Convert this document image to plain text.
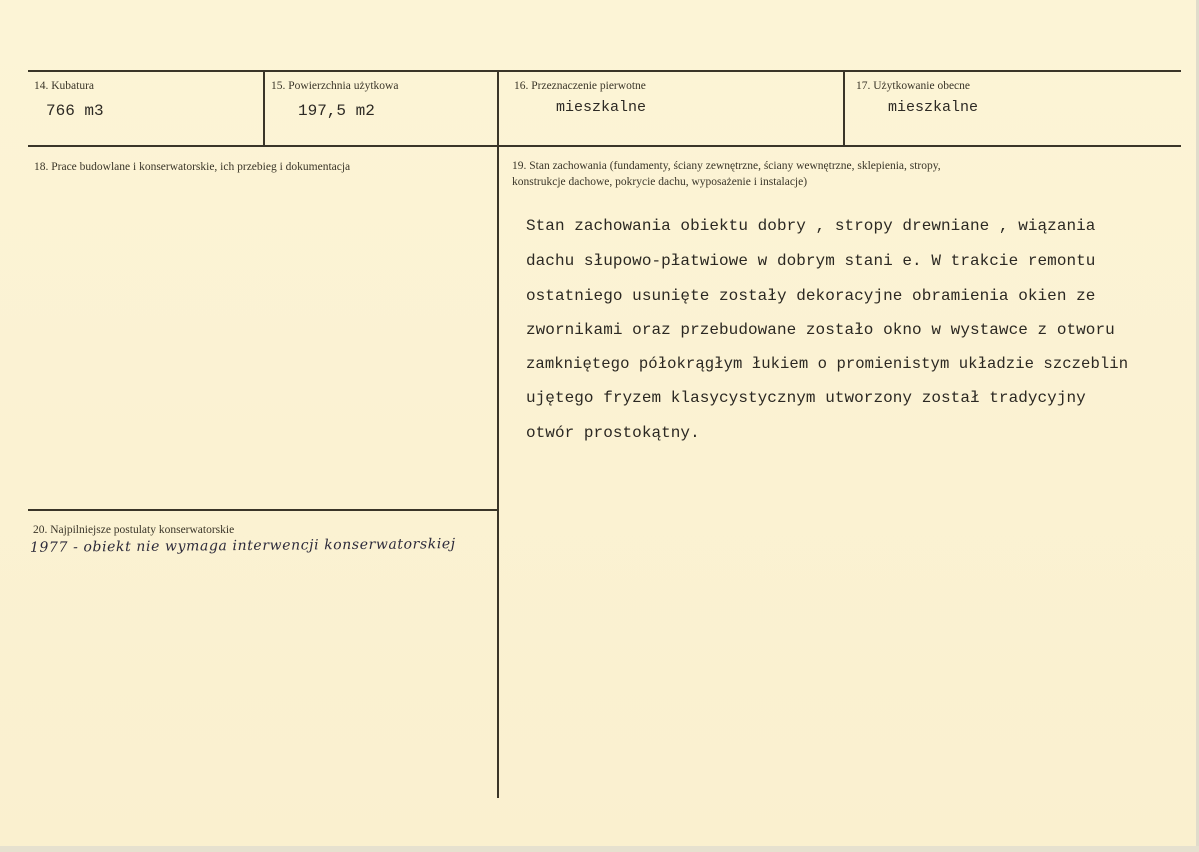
14. Kubatura
766 m3
15. Powierzchnia użytkowa
197,5 m2
16. Przeznaczenie pierwotne
mieszkalne
17. Użytkowanie obecne
mieszkalne
18. Prace budowlane i konserwatorskie, ich przebieg i dokumentacja	19. Stan zachowania (fundamenty, ściany zewnętrzne, ściany wewnętrzne, sklepienia, stropy,
konstrukcje dachowe, pokrycie dachu, wyposażenie i instalacje)
Stan zachowania obiektu dobry , stropy drewniane , wiązania
dachu słupowo-płatwiowe w dobrym stani e. W trakcie remontu
ostatniego usunięte zostały dekoracyjne obramienia okien ze
zwornikami oraz przebudowane zostało okno w wystawce z otworu
zamkniętego półokrągłym łukiem o promienistym układzie szczeblin
ujętego fryzem klasycystycznym utworzony został tradycyjny
otwór prostokątny.
20. Najpilniejsze postulaty konserwatorskie
1977 - obiekt nie wymaga interwencji konserwatorskiej
